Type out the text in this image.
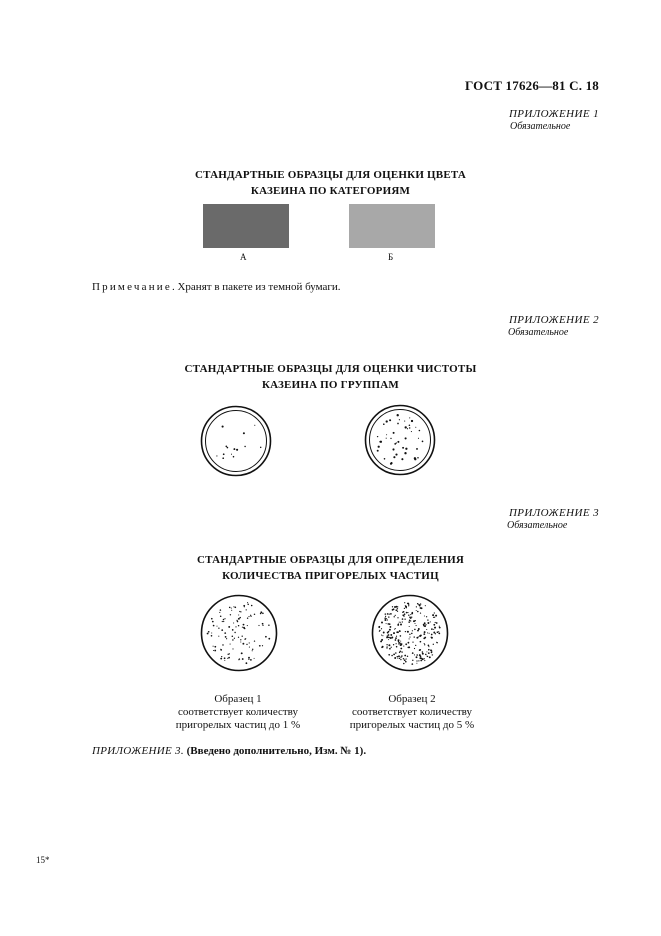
ГОСТ 17626—81 С. 18
ПРИЛОЖЕНИЕ 1
Обязательное
СТАНДАРТНЫЕ ОБРАЗЦЫ ДЛЯ ОЦЕНКИ ЦВЕТА
КАЗЕИНА ПО КАТЕГОРИЯМ
А	Б
Примечание. Хранят в пакете из темной бумаги.
ПРИЛОЖЕНИЕ 2
Обязательное
СТАНДАРТНЫЕ ОБРАЗЦЫ ДЛЯ ОЦЕНКИ ЧИСТОТЫ
КАЗЕИНА ПО ГРУППАМ
ПРИЛОЖЕНИЕ 3
Обязательное
СТАНДАРТНЫЕ ОБРАЗЦЫ ДЛЯ ОПРЕДЕЛЕНИЯ
КОЛИЧЕСТВА ПРИГОРЕЛЫХ ЧАСТИЦ
Образец 1
соответствует количеству
пригорелых частиц до 1 %
Образец 2
соответствует количеству
пригорелых частиц до 5 %
ПРИЛОЖЕНИЕ 3. (Введено дополнительно, Изм. № 1).
15*
